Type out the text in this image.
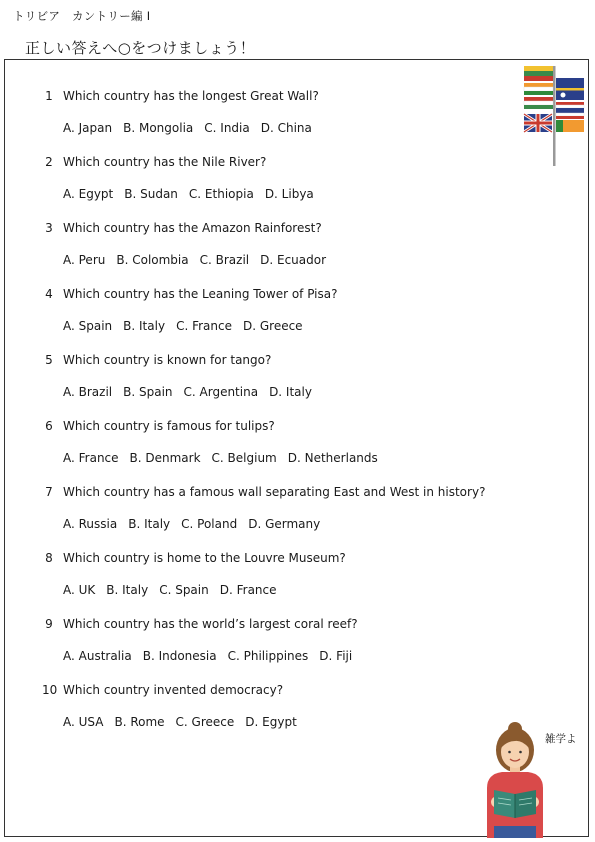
トリビア　カントリー編 Ⅰ
正しい答えへ○をつけましょう！
1 Which country has the longest Great Wall?
A. Japan B. Mongolia C. India D. China
2 Which country has the Nile River?
A. Egypt B. Sudan C. Ethiopia D. Libya
3 Which country has the Amazon Rainforest?
A. Peru B. Colombia C. Brazil D. Ecuador
4 Which country has the Leaning Tower of Pisa?
A. Spain B. Italy C. France D. Greece
5 Which country is known for tango?
A. Brazil B. Spain C. Argentina D. Italy
6 Which country is famous for tulips?
A. France B. Denmark C. Belgium D. Netherlands
7 Which country has a famous wall separating East and West in history?
A. Russia B. Italy C. Poland D. Germany
8 Which country is home to the Louvre Museum?
A. UK B. Italy C. Spain D. France
9 Which country has the world’s largest coral reef?
A. Australia B. Indonesia C. Philippines D. Fiji
10 Which country invented democracy?
A. USA B. Rome C. Greece D. Egypt
雑学よ
